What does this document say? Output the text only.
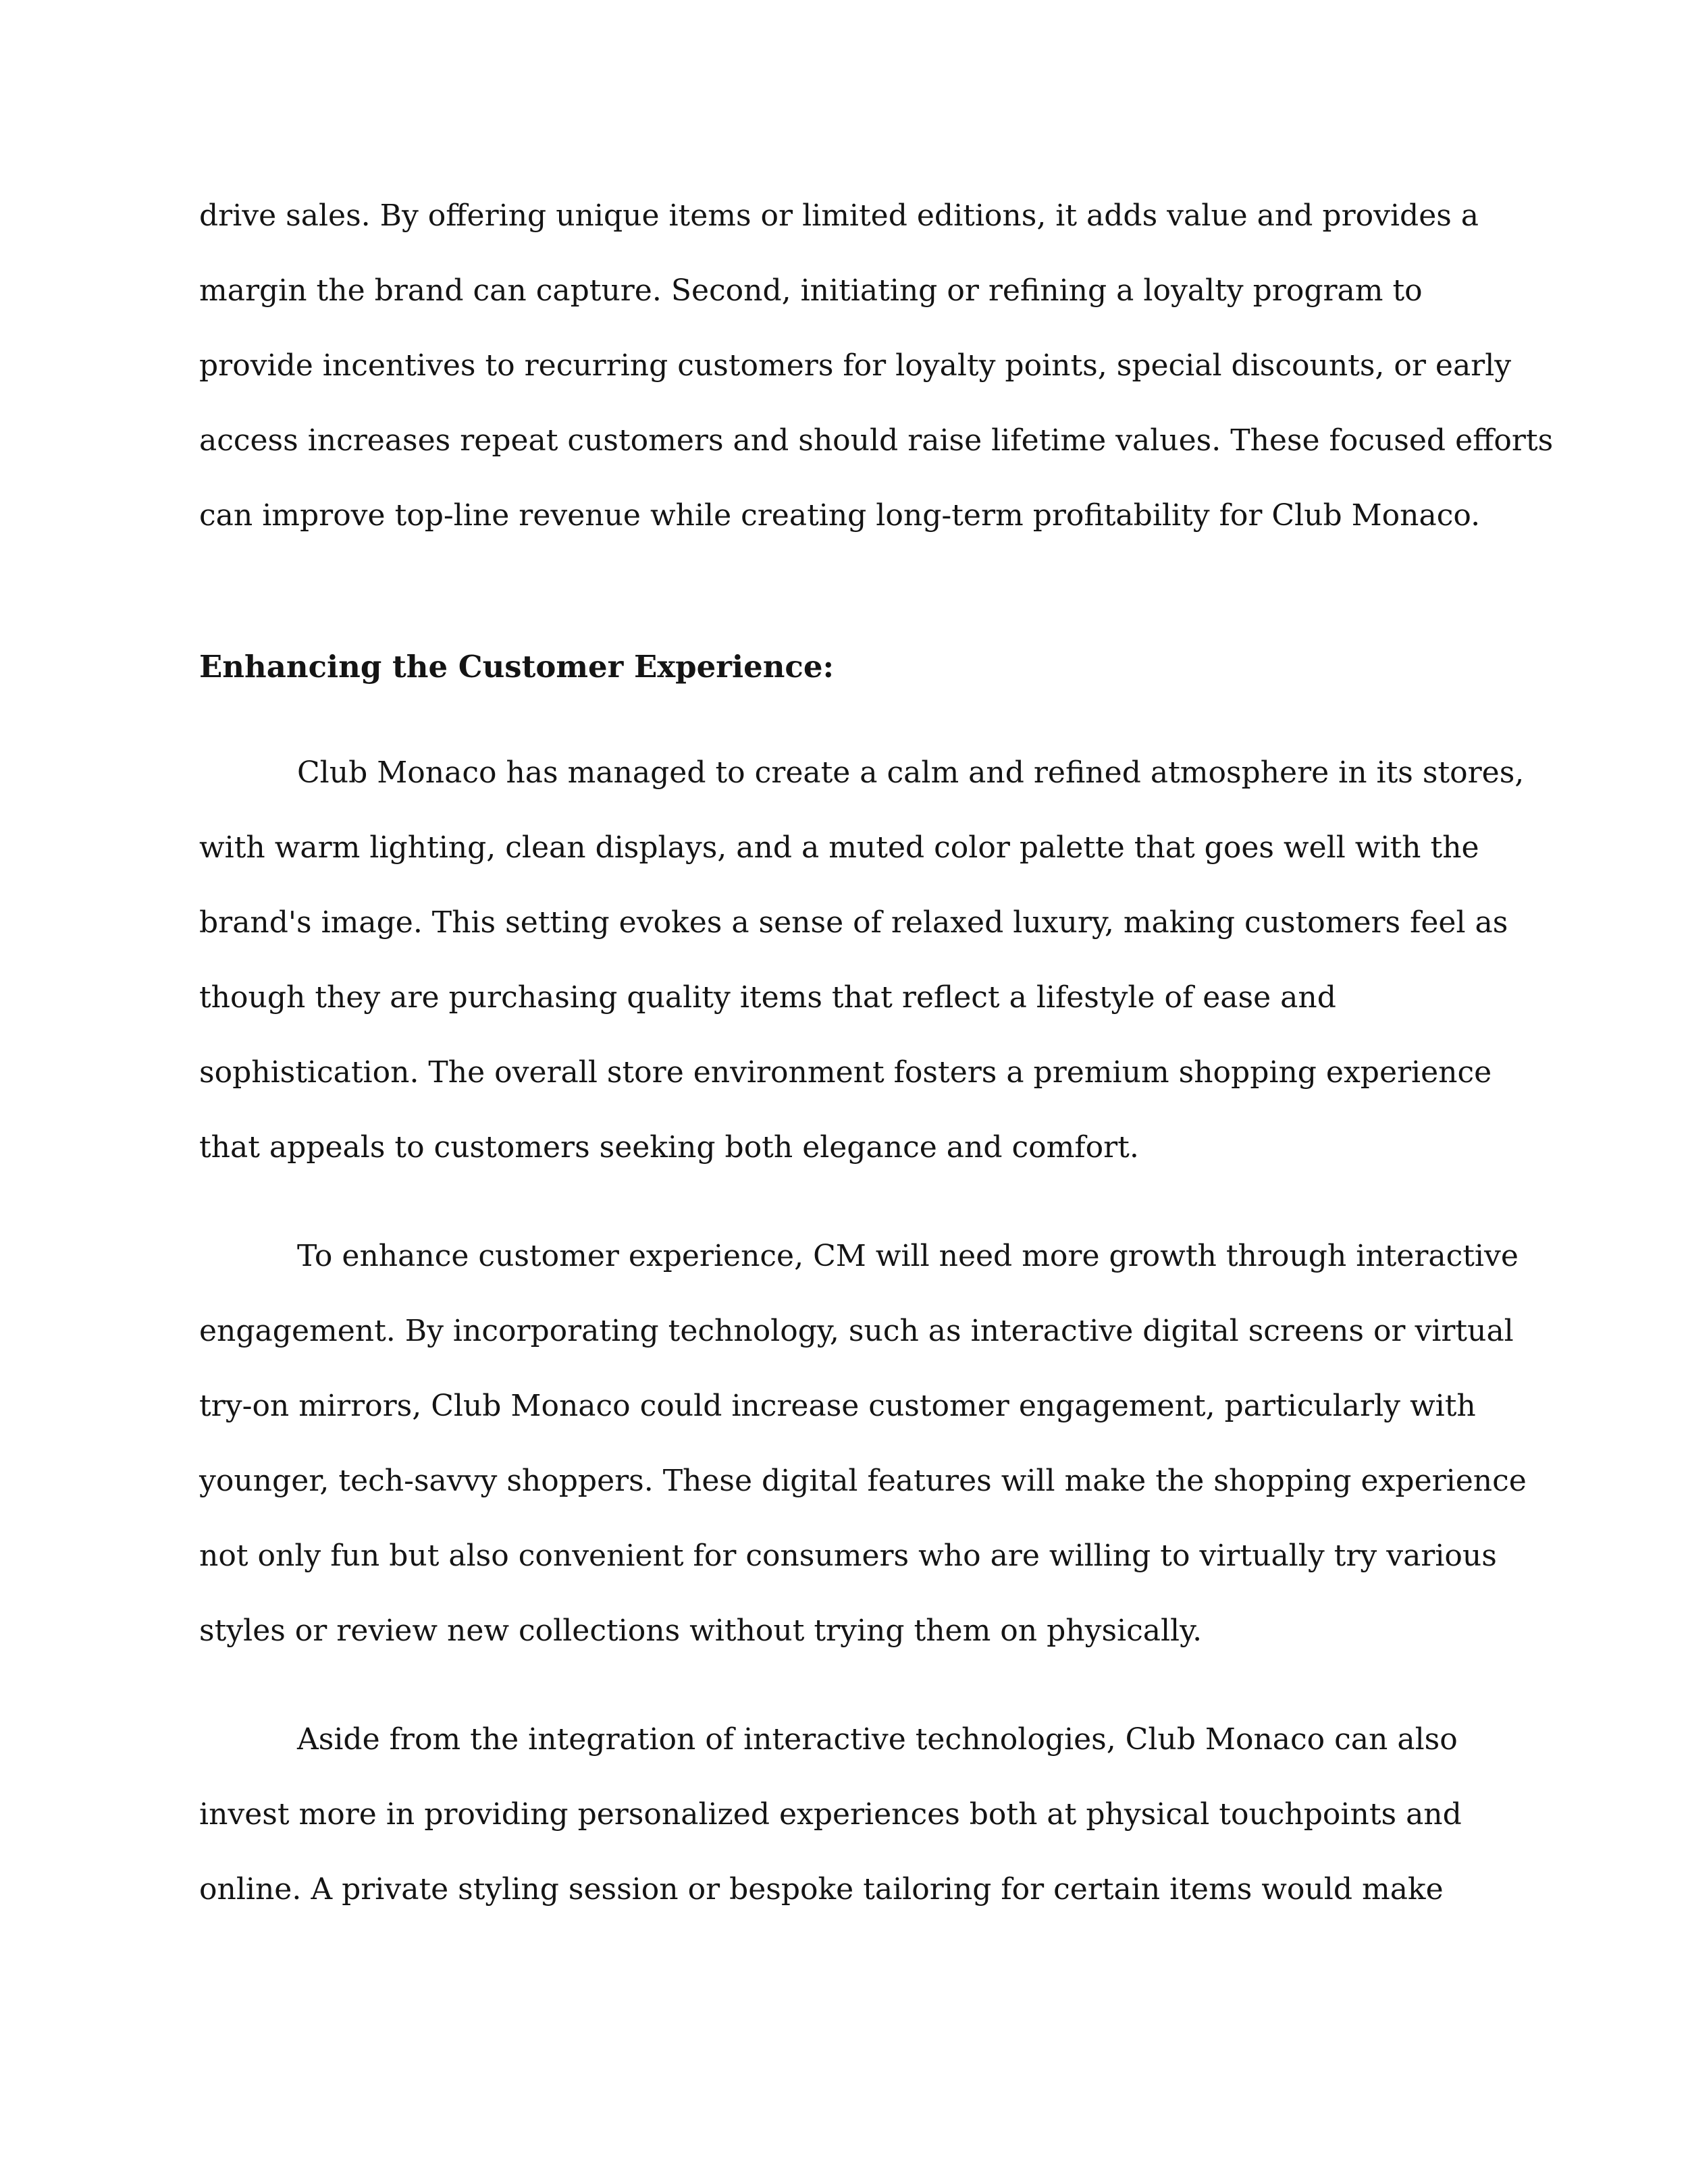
drive sales. By offering unique items or limited editions, it adds value and provides a

margin the brand can capture. Second, initiating or refining a loyalty program to

provide incentives to recurring customers for loyalty points, special discounts, or early

access increases repeat customers and should raise lifetime values. These focused efforts

can improve top-line revenue while creating long-term profitability for Club Monaco.

Enhancing the Customer Experience:

Club Monaco has managed to create a calm and refined atmosphere in its stores,

with warm lighting, clean displays, and a muted color palette that goes well with the

brand's image. This setting evokes a sense of relaxed luxury, making customers feel as

though they are purchasing quality items that reflect a lifestyle of ease and

sophistication. The overall store environment fosters a premium shopping experience

that appeals to customers seeking both elegance and comfort.

To enhance customer experience, CM will need more growth through interactive

engagement. By incorporating technology, such as interactive digital screens or virtual

try-on mirrors, Club Monaco could increase customer engagement, particularly with

younger, tech-savvy shoppers. These digital features will make the shopping experience

not only fun but also convenient for consumers who are willing to virtually try various

styles or review new collections without trying them on physically.

Aside from the integration of interactive technologies, Club Monaco can also

invest more in providing personalized experiences both at physical touchpoints and

online. A private styling session or bespoke tailoring for certain items would make
